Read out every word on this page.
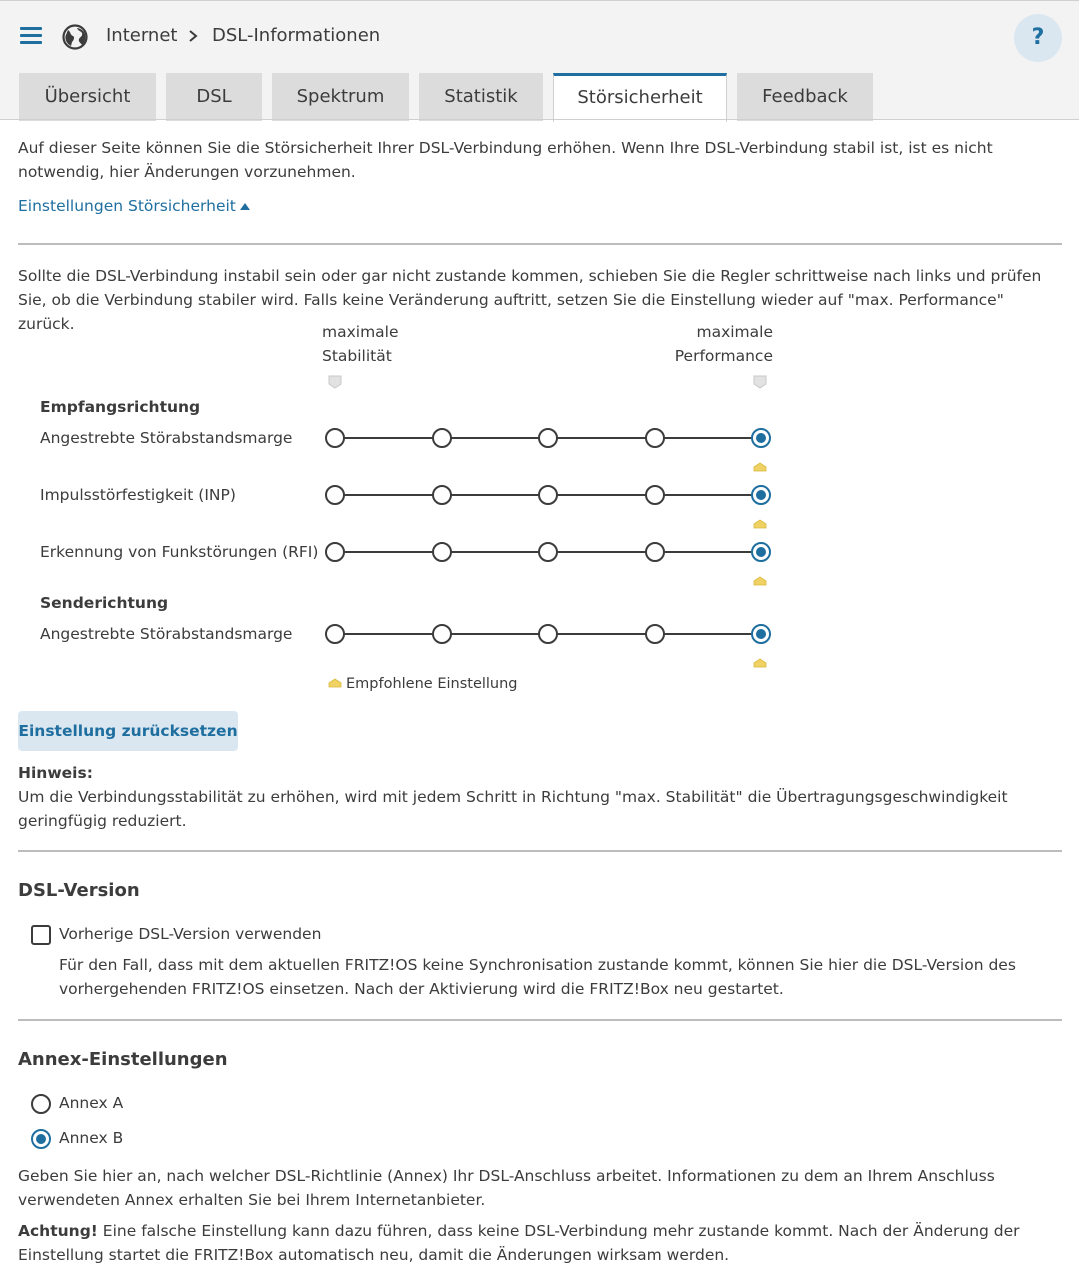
Internet DSL-Informationen	?
Übersicht	DSL	Spektrum	Statistik	Störsicherheit	Feedback
Auf dieser Seite können Sie die Störsicherheit Ihrer DSL-Verbindung erhöhen. Wenn Ihre DSL-Verbindung stabil ist, ist es nicht notwendig, hier Änderungen vorzunehmen.
Einstellungen Störsicherheit
Sollte die DSL-Verbindung instabil sein oder gar nicht zustande kommen, schieben Sie die Regler schrittweise nach links und prüfen Sie, ob die Verbindung stabiler wird. Falls keine Veränderung auftritt, setzen Sie die Einstellung wieder auf "max. Performance" zurück.	maximale
Stabilität
maximale
Performance
Empfangsrichtung
Angestrebte Störabstandsmarge
Impulsstörfestigkeit (INP)
Erkennung von Funkstörungen (RFI)
Senderichtung
Angestrebte Störabstandsmarge
Empfohlene Einstellung
Einstellung zurücksetzen
Hinweis:
Um die Verbindungsstabilität zu erhöhen, wird mit jedem Schritt in Richtung "max. Stabilität" die Übertragungsgeschwindigkeit geringfügig reduziert.
DSL-Version
Vorherige DSL-Version verwenden
Für den Fall, dass mit dem aktuellen FRITZ!OS keine Synchronisation zustande kommt, können Sie hier die DSL-Version des vorhergehenden FRITZ!OS einsetzen. Nach der Aktivierung wird die FRITZ!Box neu gestartet.
Annex-Einstellungen
Annex A
Annex B
Geben Sie hier an, nach welcher DSL-Richtlinie (Annex) Ihr DSL-Anschluss arbeitet. Informationen zu dem an Ihrem Anschluss verwendeten Annex erhalten Sie bei Ihrem Internetanbieter.
Achtung! Eine falsche Einstellung kann dazu führen, dass keine DSL-Verbindung mehr zustande kommt. Nach der Änderung der Einstellung startet die FRITZ!Box automatisch neu, damit die Änderungen wirksam werden.
